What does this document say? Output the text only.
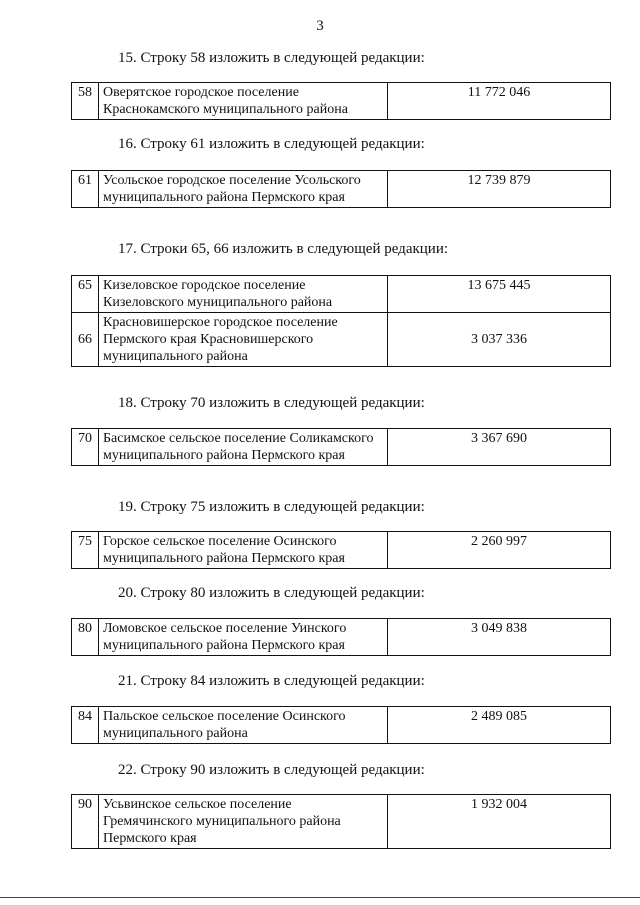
3
15. Строку 58 изложить в следующей редакции:
58	Оверятское городское поселение Краснокамского муниципального района	11 772 046
16. Строку 61 изложить в следующей редакции:
61	Усольское городское поселение Усольского муниципального района Пермского края	12 739 879
17. Строки 65, 66 изложить в следующей редакции:
65	Кизеловское городское поселение Кизеловского муниципального района	13 675 445
66	Красновишерское городское поселение Пермского края Красновишерского муниципального района	3 037 336
18. Строку 70 изложить в следующей редакции:
70	Басимское сельское поселение Соликамского муниципального района Пермского края	3 367 690
19. Строку 75 изложить в следующей редакции:
75	Горское сельское поселение Осинского муниципального района Пермского края	2 260 997
20. Строку 80 изложить в следующей редакции:
80	Ломовское сельское поселение Уинского муниципального района Пермского края	3 049 838
21. Строку 84 изложить в следующей редакции:
84	Пальское сельское поселение Осинского муниципального района	2 489 085
22. Строку 90 изложить в следующей редакции:
90	Усьвинское сельское поселение Гремячинского муниципального района Пермского края	1 932 004
